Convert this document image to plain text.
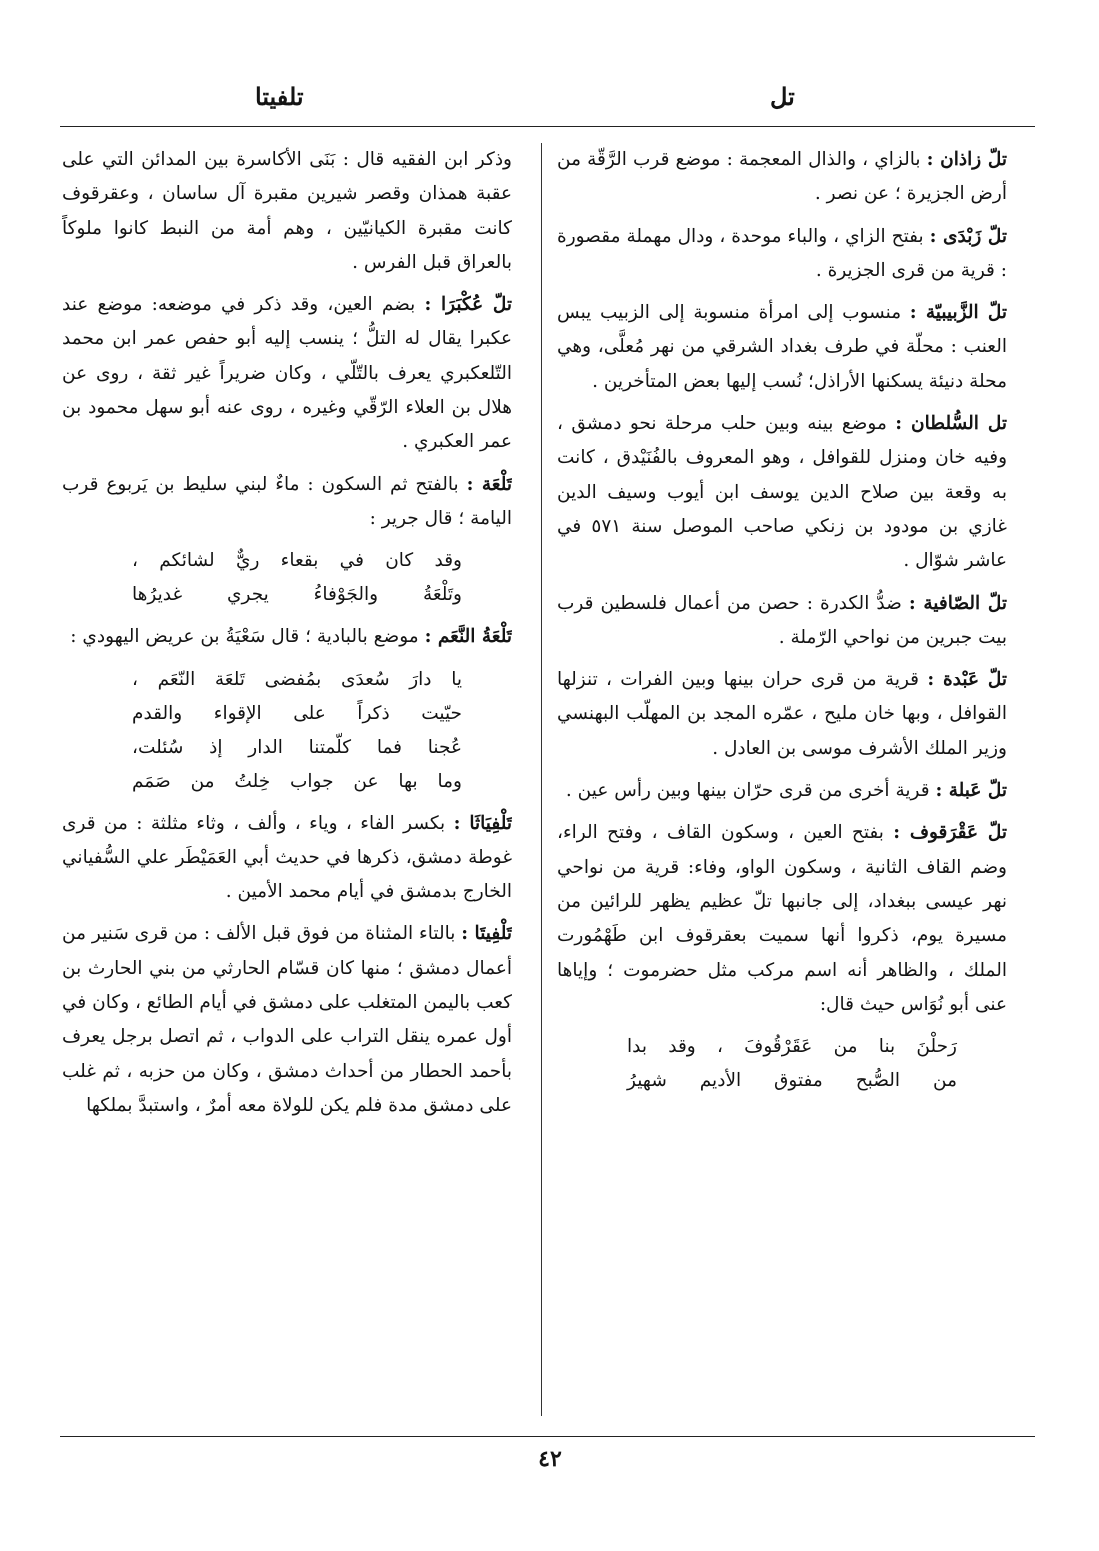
تل
تلفيتا
تلّ زاذان : بالزاي ، والذال المعجمة : موضع قرب الرَّقّة من أرض الجزيرة ؛ عن نصر .
تلّ زَبْدَى : بفتح الزاي ، والباء موحدة ، ودال مهملة مقصورة : قرية من قرى الجزيرة .
تلّ الزَّبيبيّة : منسوب إلى امرأة منسوبة إلى الزبيب يبس العنب : محلّة في طرف بغداد الشرقي من نهر مُعلَّى، وهي محلة دنيئة يسكنها الأراذل؛ نُسب إليها بعض المتأخرين .
تل السُّلطان : موضع بينه وبين حلب مرحلة نحو دمشق ، وفيه خان ومنزل للقوافل ، وهو المعروف بالفُنَيْدق ، كانت به وقعة بين صلاح الدين يوسف ابن أيوب وسيف الدين غازي بن مودود بن زنكي صاحب الموصل سنة ٥٧١ في عاشر شوّال .
تلّ الصّافية : ضدُّ الكدرة : حصن من أعمال فلسطين قرب بيت جبرين من نواحي الرّملة .
تلّ عَبْدة : قرية من قرى حران بينها وبين الفرات ، تنزلها القوافل ، وبها خان مليح ، عمّره المجد بن المهلّب البهنسي وزير الملك الأشرف موسى بن العادل .
تلّ عَبلة : قرية أخرى من قرى حرّان بينها وبين رأس عين .
تلّ عَقْرَقوف : بفتح العين ، وسكون القاف ، وفتح الراء، وضم القاف الثانية ، وسكون الواو، وفاء: قرية من نواحي نهر عيسى ببغداد، إلى جانبها تلّ عظيم يظهر للرائين من مسيرة يوم، ذكروا أنها سميت بعقرقوف ابن طَهْمُورت الملك ، والظاهر أنه اسم مركب مثل حضرموت ؛ وإياها عنى أبو نُوَاس حيث قال:
رَحلْنَ بنا من عَقَرْقُوفَ ، وقد بدا
من الصُّبح مفتوق الأديم شهيرُ
وذكر ابن الفقيه قال : بَنَى الأكاسرة بين المدائن التي على عقبة همذان وقصر شيرين مقبرة آل ساسان ، وعقرقوف كانت مقبرة الكيانيّين ، وهم أمة من النبط كانوا ملوكاً بالعراق قبل الفرس .
تلّ عُكْبَرَا : بضم العين، وقد ذكر في موضعه: موضع عند عكبرا يقال له التلُّ ؛ ينسب إليه أبو حفص عمر ابن محمد التّلعكبري يعرف بالتّلّي ، وكان ضريراً غير ثقة ، روى عن هلال بن العلاء الرّقّي وغيره ، روى عنه أبو سهل محمود بن عمر العكبري .
تَلْعَة : بالفتح ثم السكون : ماءٌ لبني سليط بن يَربوع قرب اليامة ؛ قال جرير :
وقد كان في بقعاء ريٌّ لشائكم ،
وتَلْعَةُ والجَوْفاءُ يجري غديرُها
تَلْعَةُ النَّعَم : موضع بالبادية ؛ قال سَعْيَةُ بن عريض اليهودي :
يا دارَ سُعدَى بمُفضى تَلعَة النّعَم ،
حيّيت ذكراً على الإقواء والقدم
عُجنا فما كلّمتنا الدار إذ سُئلت،
وما بها عن جواب خِلتُ من صَمَم
تَلْفِيَاثَا : بكسر الفاء ، وياء ، وألف ، وثاء مثلثة : من قرى غوطة دمشق، ذكرها في حديث أبي العَمَيْطَر علي السُّفياني الخارج بدمشق في أيام محمد الأمين .
تَلْفِيتَا : بالتاء المثناة من فوق قبل الألف : من قرى سَنير من أعمال دمشق ؛ منها كان قسّام الحارثي من بني الحارث بن كعب باليمن المتغلب على دمشق في أيام الطائع ، وكان في أول عمره ينقل التراب على الدواب ، ثم اتصل برجل يعرف بأحمد الحطار من أحداث دمشق ، وكان من حزبه ، ثم غلب على دمشق مدة فلم يكن للولاة معه أمرٌ ، واستبدَّ بملكها
٤٢
